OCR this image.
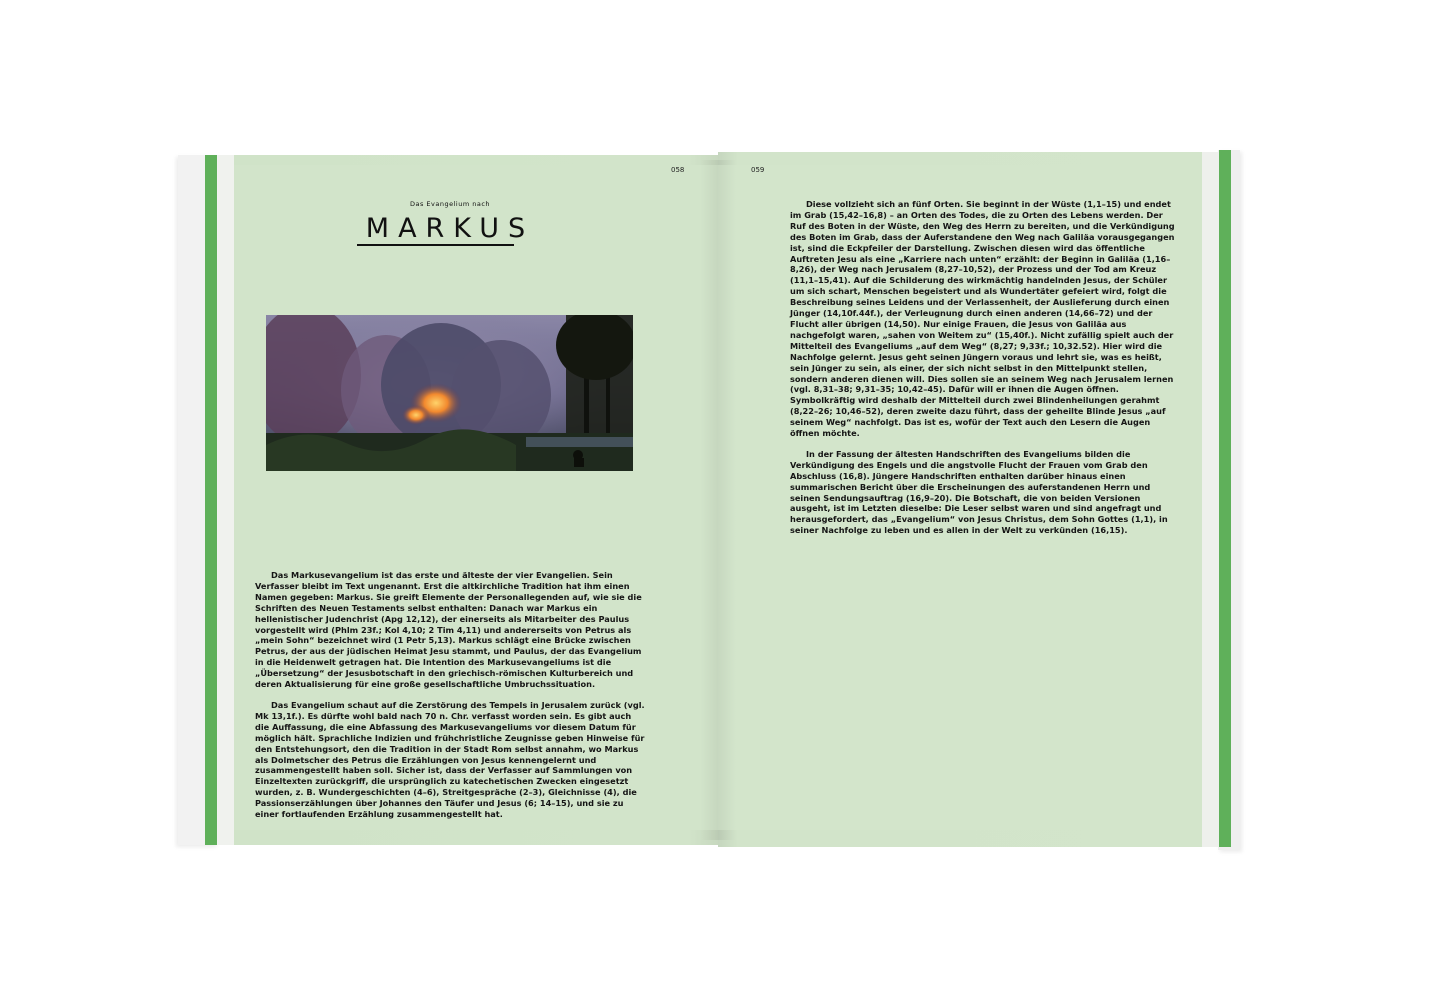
058	059
Das Evangelium nach
MARKUS

Das Markusevangelium ist das erste und älteste der vier Evangelien. Sein Verfasser bleibt im Text ungenannt. Erst die altkirchliche Tradition hat ihm einen Namen gegeben: Markus. Sie greift Elemente der Personallegenden auf, wie sie die Schriften des Neuen Testaments selbst enthalten: Danach war Markus ein hellenistischer Judenchrist (Apg 12,12), der einerseits als Mitarbeiter des Paulus vorgestellt wird (Phlm 23f.; Kol 4,10; 2 Tim 4,11) und andererseits von Petrus als „mein Sohn“ bezeichnet wird (1 Petr 5,13). Markus schlägt eine Brücke zwischen Petrus, der aus der jüdischen Heimat Jesu stammt, und Paulus, der das Evangelium in die Heidenwelt getragen hat. Die Intention des Markusevangeliums ist die „Übersetzung“ der Jesusbotschaft in den griechisch-römischen Kulturbereich und deren Aktualisierung für eine große gesellschaftliche Umbruchssituation.

Das Evangelium schaut auf die Zerstörung des Tempels in Jerusalem zurück (vgl. Mk 13,1f.). Es dürfte wohl bald nach 70 n. Chr. verfasst worden sein. Es gibt auch die Auffassung, die eine Abfassung des Markusevangeliums vor diesem Datum für möglich hält. Sprachliche Indizien und frühchristliche Zeugnisse geben Hinweise für den Entstehungsort, den die Tradition in der Stadt Rom selbst annahm, wo Markus als Dolmetscher des Petrus die Erzählungen von Jesus kennengelernt und zusammengestellt haben soll. Sicher ist, dass der Verfasser auf Sammlungen von Einzeltexten zurückgriff, die ursprünglich zu katechetischen Zwecken eingesetzt wurden, z. B. Wundergeschichten (4–6), Streitgespräche (2–3), Gleichnisse (4), die Passionserzählungen über Johannes den Täufer und Jesus (6; 14–15), und sie zu einer fortlaufenden Erzählung zusammengestellt hat.

Diese vollzieht sich an fünf Orten. Sie beginnt in der Wüste (1,1–15) und endet im Grab (15,42–16,8) – an Orten des Todes, die zu Orten des Lebens werden. Der Ruf des Boten in der Wüste, den Weg des Herrn zu bereiten, und die Verkündigung des Boten im Grab, dass der Auferstandene den Weg nach Galiläa vorausgegangen ist, sind die Eckpfeiler der Darstellung. Zwischen diesen wird das öffentliche Auftreten Jesu als eine „Karriere nach unten“ erzählt: der Beginn in Galiläa (1,16–8,26), der Weg nach Jerusalem (8,27–10,52), der Prozess und der Tod am Kreuz (11,1–15,41). Auf die Schilderung des wirkmächtig handelnden Jesus, der Schüler um sich schart, Menschen begeistert und als Wundertäter gefeiert wird, folgt die Beschreibung seines Leidens und der Verlassenheit, der Auslieferung durch einen Jünger (14,10f.44f.), der Verleugnung durch einen anderen (14,66–72) und der Flucht aller übrigen (14,50). Nur einige Frauen, die Jesus von Galiläa aus nachgefolgt waren, „sahen von Weitem zu“ (15,40f.). Nicht zufällig spielt auch der Mittelteil des Evangeliums „auf dem Weg“ (8,27; 9,33f.; 10,32.52). Hier wird die Nachfolge gelernt. Jesus geht seinen Jüngern voraus und lehrt sie, was es heißt, sein Jünger zu sein, als einer, der sich nicht selbst in den Mittelpunkt stellen, sondern anderen dienen will. Dies sollen sie an seinem Weg nach Jerusalem lernen (vgl. 8,31–38; 9,31–35; 10,42–45). Dafür will er ihnen die Augen öffnen. Symbolkräftig wird deshalb der Mittelteil durch zwei Blindenheilungen gerahmt (8,22–26; 10,46–52), deren zweite dazu führt, dass der geheilte Blinde Jesus „auf seinem Weg“ nachfolgt. Das ist es, wofür der Text auch den Lesern die Augen öffnen möchte.

In der Fassung der ältesten Handschriften des Evangeliums bilden die Verkündigung des Engels und die angstvolle Flucht der Frauen vom Grab den Abschluss (16,8). Jüngere Handschriften enthalten darüber hinaus einen summarischen Bericht über die Erscheinungen des auferstandenen Herrn und seinen Sendungsauftrag (16,9–20). Die Botschaft, die von beiden Versionen ausgeht, ist im Letzten dieselbe: Die Leser selbst waren und sind angefragt und herausgefordert, das „Evangelium“ von Jesus Christus, dem Sohn Gottes (1,1), in seiner Nachfolge zu leben und es allen in der Welt zu verkünden (16,15).
